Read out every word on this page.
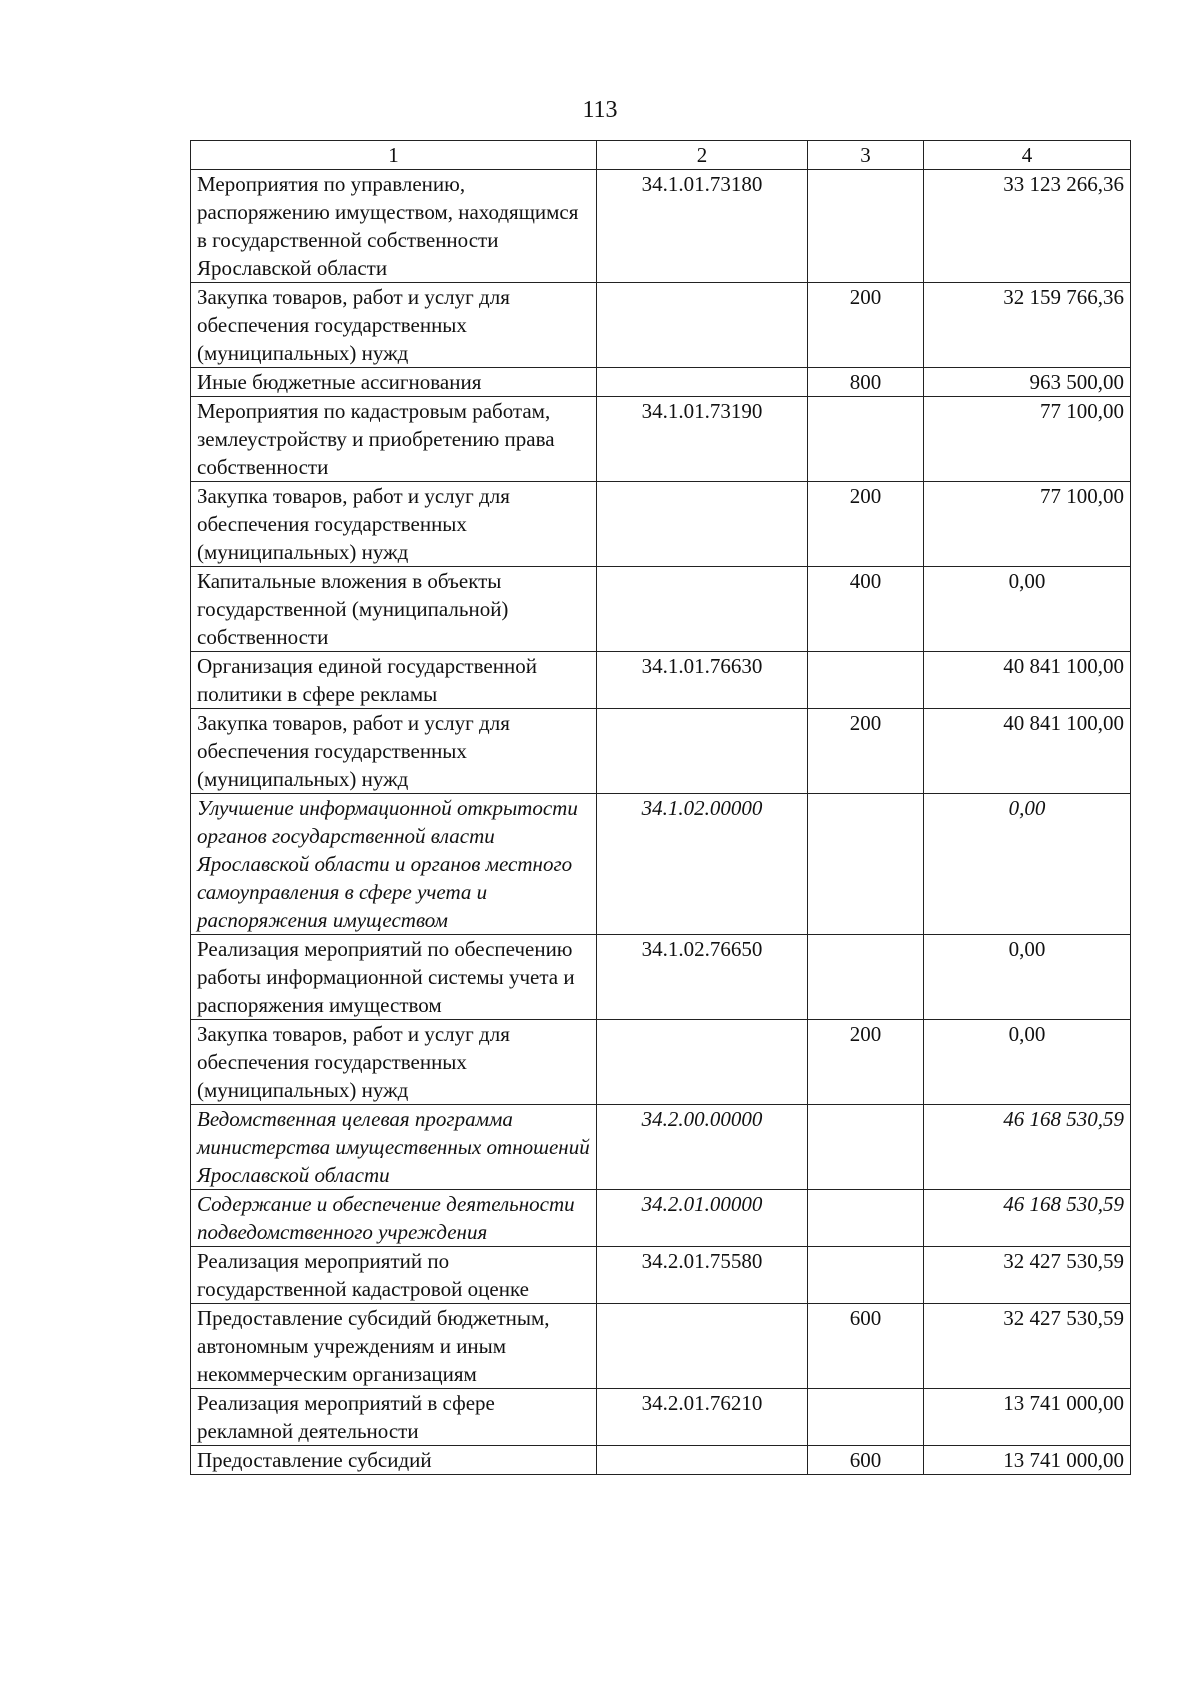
113
1	2	3	4
Мероприятия по управлению, распоряжению имуществом, находящимся в государственной собственности Ярославской области	34.1.01.73180		33 123 266,36
Закупка товаров, работ и услуг для обеспечения государственных (муниципальных) нужд		200	32 159 766,36
Иные бюджетные ассигнования		800	963 500,00
Мероприятия по кадастровым работам, землеустройству и приобретению права собственности	34.1.01.73190		77 100,00
Закупка товаров, работ и услуг для обеспечения государственных (муниципальных) нужд		200	77 100,00
Капитальные вложения в объекты государственной (муниципальной) собственности		400	0,00
Организация единой государственной политики в сфере рекламы	34.1.01.76630		40 841 100,00
Закупка товаров, работ и услуг для обеспечения государственных (муниципальных) нужд		200	40 841 100,00
Улучшение информационной открытости органов государственной власти Ярославской области и органов местного самоуправления в сфере учета и распоряжения имуществом	34.1.02.00000		0,00
Реализация мероприятий по обеспечению работы информационной системы учета и распоряжения имуществом	34.1.02.76650		0,00
Закупка товаров, работ и услуг для обеспечения государственных (муниципальных) нужд		200	0,00
Ведомственная целевая программа министерства имущественных отношений Ярославской области	34.2.00.00000		46 168 530,59
Содержание и обеспечение деятельности подведомственного учреждения	34.2.01.00000		46 168 530,59
Реализация мероприятий по государственной кадастровой оценке	34.2.01.75580		32 427 530,59
Предоставление субсидий бюджетным, автономным учреждениям и иным некоммерческим организациям		600	32 427 530,59
Реализация мероприятий в сфере рекламной деятельности	34.2.01.76210		13 741 000,00
Предоставление субсидий		600	13 741 000,00
